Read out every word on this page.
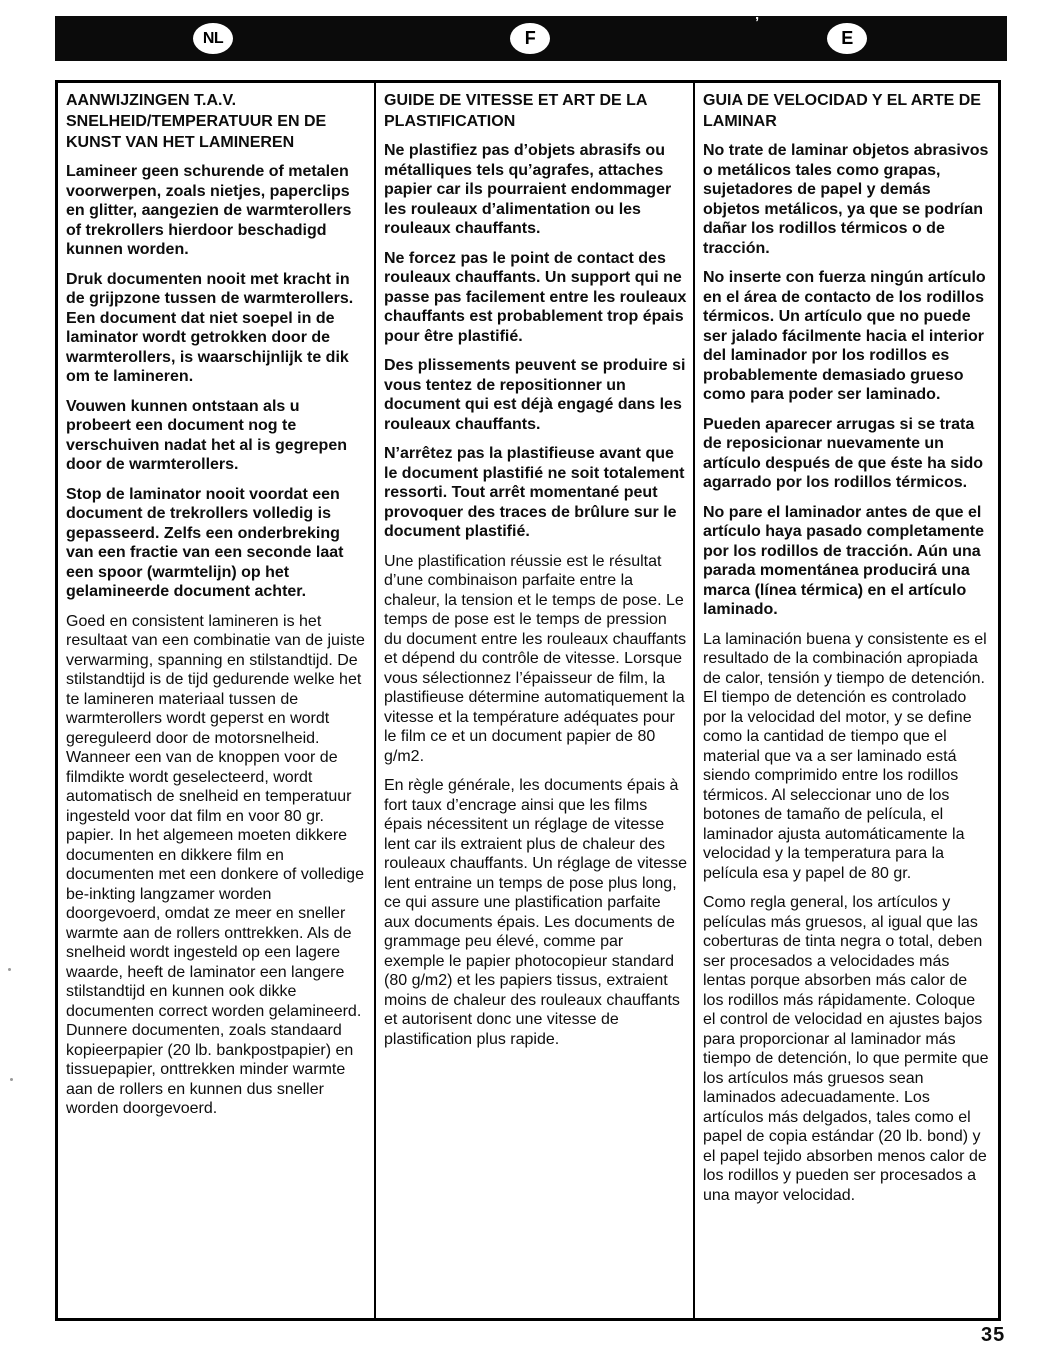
NL	F	E
’
AANWIJZINGEN T.A.V. SNELHEID/TEMPERATUUR EN DE KUNST VAN HET LAMINEREN

Lamineer geen schurende of metalen voorwerpen, zoals nietjes, paperclips en glitter, aangezien de warmterollers of trekrollers hierdoor beschadigd kunnen worden.

Druk documenten nooit met kracht in de grijpzone tussen de warmterollers. Een document dat niet soepel in de laminator wordt getrokken door de warmterollers, is waarschijnlijk te dik om te lamineren.

Vouwen kunnen ontstaan als u probeert een document nog te verschuiven nadat het al is gegrepen door de warmterollers.

Stop de laminator nooit voordat een document de trekrollers volledig is gepasseerd. Zelfs een onderbreking van een fractie van een seconde laat een spoor (warmtelijn) op het gelamineerde document achter.

Goed en consistent lamineren is het resultaat van een combinatie van de juiste verwarming, spanning en stilstandtijd. De stilstandtijd is de tijd gedurende welke het te lamineren materiaal tussen de warmterollers wordt geperst en wordt gereguleerd door de motorsnelheid. Wanneer een van de knoppen voor de filmdikte wordt geselecteerd, wordt automatisch de snelheid en temperatuur ingesteld voor dat film en voor 80 gr. papier. In het algemeen moeten dikkere documenten en dikkere film en documenten met een donkere of volledige be-inkting langzamer worden doorgevoerd, omdat ze meer en sneller warmte aan de rollers onttrekken. Als de snelheid wordt ingesteld op een lagere waarde, heeft de laminator een langere stilstandtijd en kunnen ook dikke documenten correct worden gelamineerd. Dunnere documenten, zoals standaard kopieerpapier (20 lb. bankpostpapier) en tissuepapier, onttrekken minder warmte aan de rollers en kunnen dus sneller worden doorgevoerd.

GUIDE DE VITESSE ET ART DE LA PLASTIFICATION

Ne plastifiez pas d’objets abrasifs ou métalliques tels qu’agrafes, attaches papier car ils pourraient endommager les rouleaux d’alimentation ou les rouleaux chauffants.

Ne forcez pas le point de contact des rouleaux chauffants. Un support qui ne passe pas facilement entre les rouleaux chauffants est probablement trop épais pour être plastifié.

Des plissements peuvent se produire si vous tentez de repositionner un document qui est déjà engagé dans les rouleaux chauffants.

N’arrêtez pas la plastifieuse avant que le document plastifié ne soit totalement ressorti. Tout arrêt momentané peut provoquer des traces de brûlure sur le document plastifié.

Une plastification réussie est le résultat d’une combinaison parfaite entre la chaleur, la tension et le temps de pose. Le temps de pose est le temps de pression du document entre les rouleaux chauffants et dépend du contrôle de vitesse. Lorsque vous sélectionnez l’épaisseur de film, la plastifieuse détermine automatiquement la vitesse et la température adéquates pour le film ce et un document papier de 80 g/m2.

En règle générale, les documents épais à fort taux d’encrage ainsi que les films épais nécessitent un réglage de vitesse lent car ils extraient plus de chaleur des rouleaux chauffants. Un réglage de vitesse lent entraine un temps de pose plus long, ce qui assure une plastification parfaite aux documents épais. Les documents de grammage peu élevé, comme par exemple le papier photocopieur standard (80 g/m2) et les papiers tissus, extraient moins de chaleur des rouleaux chauffants et autorisent donc une vitesse de plastification plus rapide.

GUIA DE VELOCIDAD Y EL ARTE DE LAMINAR

No trate de laminar objetos abrasivos o metálicos tales como grapas, sujetadores de papel y demás objetos metálicos, ya que se podrían dañar los rodillos térmicos o de tracción.

No inserte con fuerza ningún artículo en el área de contacto de los rodillos térmicos. Un artículo que no puede ser jalado fácilmente hacia el interior del laminador por los rodillos es probablemente demasiado grueso como para poder ser laminado.

Pueden aparecer arrugas si se trata de reposicionar nuevamente un artículo después de que éste ha sido agarrado por los rodillos térmicos.

No pare el laminador antes de que el artículo haya pasado completamente por los rodillos de tracción. Aún una parada momentánea producirá una marca (línea térmica) en el artículo laminado.

La laminación buena y consistente es el resultado de la combinación apropiada de calor, tensión y tiempo de detención. El tiempo de detención es controlado por la velocidad del motor, y se define como la cantidad de tiempo que el material que va a ser laminado está siendo comprimido entre los rodillos térmicos. Al seleccionar uno de los botones de tamaño de película, el laminador ajusta automáticamente la velocidad y la temperatura para la película esa y papel de 80 gr.

Como regla general, los artículos y películas más gruesos, al igual que las coberturas de tinta negra o total, deben ser procesados a velocidades más lentas porque absorben más calor de los rodillos más rápidamente. Coloque el control de velocidad en ajustes bajos para proporcionar al laminador más tiempo de detención, lo que permite que los artículos más gruesos sean laminados adecuadamente. Los artículos más delgados, tales como el papel de copia estándar (20 lb. bond) y el papel tejido absorben menos calor de los rodillos y pueden ser procesados a una mayor velocidad.

35
